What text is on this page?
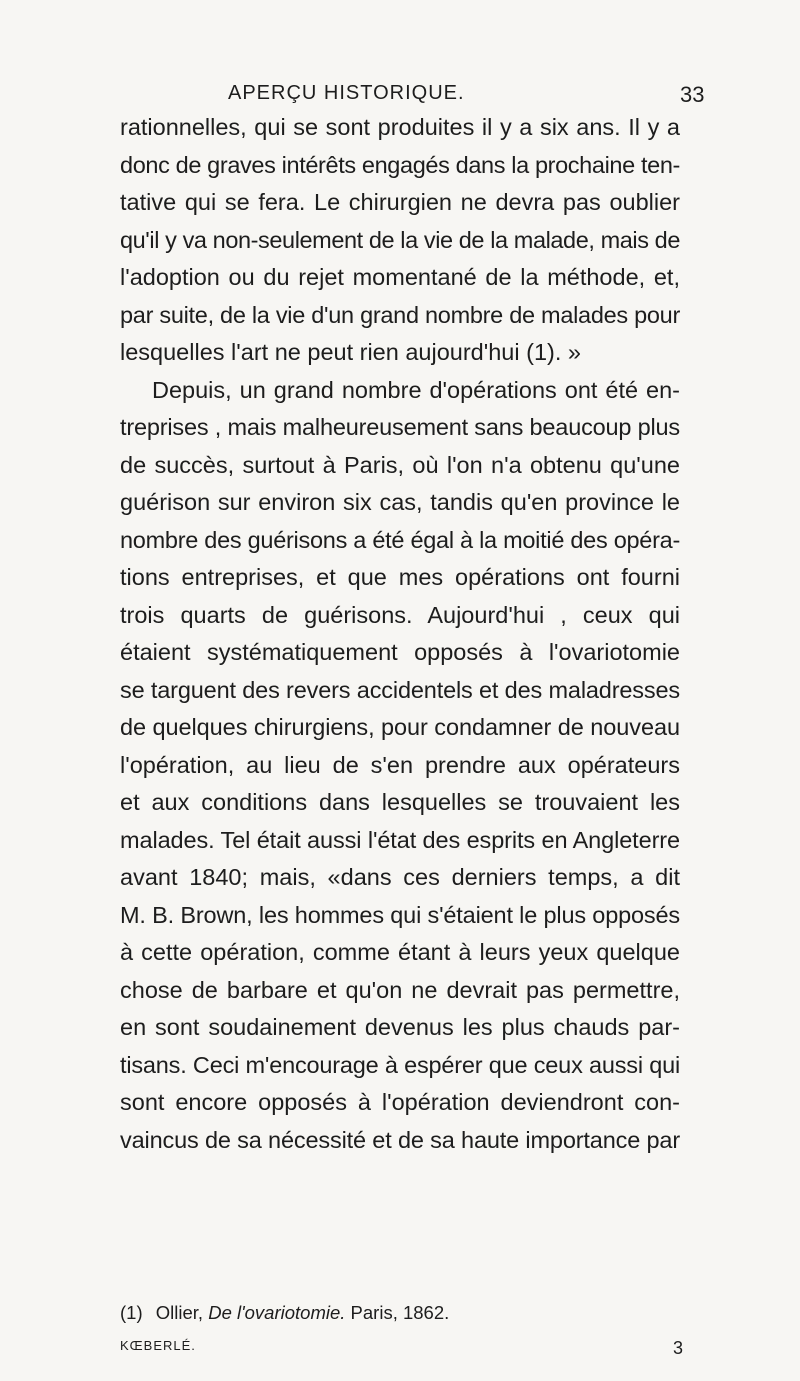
APERÇU HISTORIQUE.	33
rationnelles, qui se sont produites il y a six ans. Il y a
donc de graves intérêts engagés dans la prochaine ten-
tative qui se fera. Le chirurgien ne devra pas oublier
qu'il y va non-seulement de la vie de la malade, mais de
l'adoption ou du rejet momentané de la méthode, et,
par suite, de la vie d'un grand nombre de malades pour
lesquelles l'art ne peut rien aujourd'hui (1). »
Depuis, un grand nombre d'opérations ont été en-
treprises , mais malheureusement sans beaucoup plus
de succès, surtout à Paris, où l'on n'a obtenu qu'une
guérison sur environ six cas, tandis qu'en province le
nombre des guérisons a été égal à la moitié des opéra-
tions entreprises, et que mes opérations ont fourni
trois quarts de guérisons. Aujourd'hui , ceux qui
étaient systématiquement opposés à l'ovariotomie
se targuent des revers accidentels et des maladresses
de quelques chirurgiens, pour condamner de nouveau
l'opération, au lieu de s'en prendre aux opérateurs
et aux conditions dans lesquelles se trouvaient les
malades. Tel était aussi l'état des esprits en Angleterre
avant 1840; mais, «dans ces derniers temps, a dit
M. B. Brown, les hommes qui s'étaient le plus opposés
à cette opération, comme étant à leurs yeux quelque
chose de barbare et qu'on ne devrait pas permettre,
en sont soudainement devenus les plus chauds par-
tisans. Ceci m'encourage à espérer que ceux aussi qui
sont encore opposés à l'opération deviendront con-
vaincus de sa nécessité et de sa haute importance par
(1) Ollier, De l'ovariotomie. Paris, 1862.
KŒBERLÉ.	3
